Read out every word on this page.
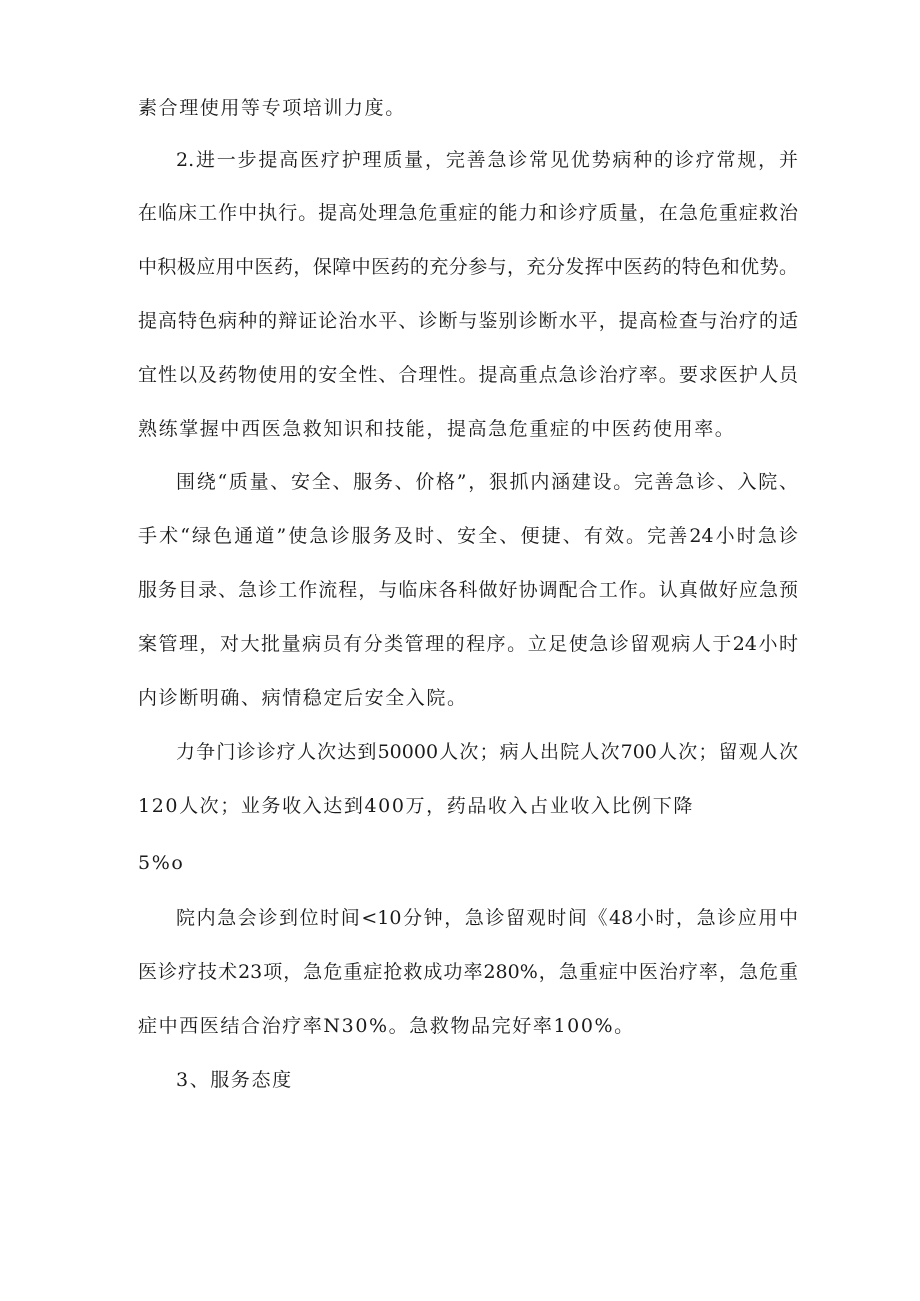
素合理使用等专项培训力度。
2.进一步提高医疗护理质量，完善急诊常见优势病种的诊疗常规，并
在临床工作中执行。提高处理急危重症的能力和诊疗质量，在急危重症救治
中积极应用中医药，保障中医药的充分参与，充分发挥中医药的特色和优势。
提高特色病种的辩证论治水平、诊断与鉴别诊断水平，提高检查与治疗的适
宜性以及药物使用的安全性、合理性。提高重点急诊治疗率。要求医护人员
熟练掌握中西医急救知识和技能，提高急危重症的中医药使用率。
围绕“质量、安全、服务、价格”，狠抓内涵建设。完善急诊、入院、
手术“绿色通道”使急诊服务及时、安全、便捷、有效。完善24小时急诊
服务目录、急诊工作流程，与临床各科做好协调配合工作。认真做好应急预
案管理，对大批量病员有分类管理的程序。立足使急诊留观病人于24小时
内诊断明确、病情稳定后安全入院。
力争门诊诊疗人次达到50000人次；病人出院人次700人次；留观人次
120人次；业务收入达到400万，药品收入占业收入比例下降
5%o
院内急会诊到位时间<10分钟，急诊留观时间《48小时，急诊应用中
医诊疗技术23项，急危重症抢救成功率280%，急重症中医治疗率，急危重
症中西医结合治疗率N30%。急救物品完好率100%。
3、服务态度
